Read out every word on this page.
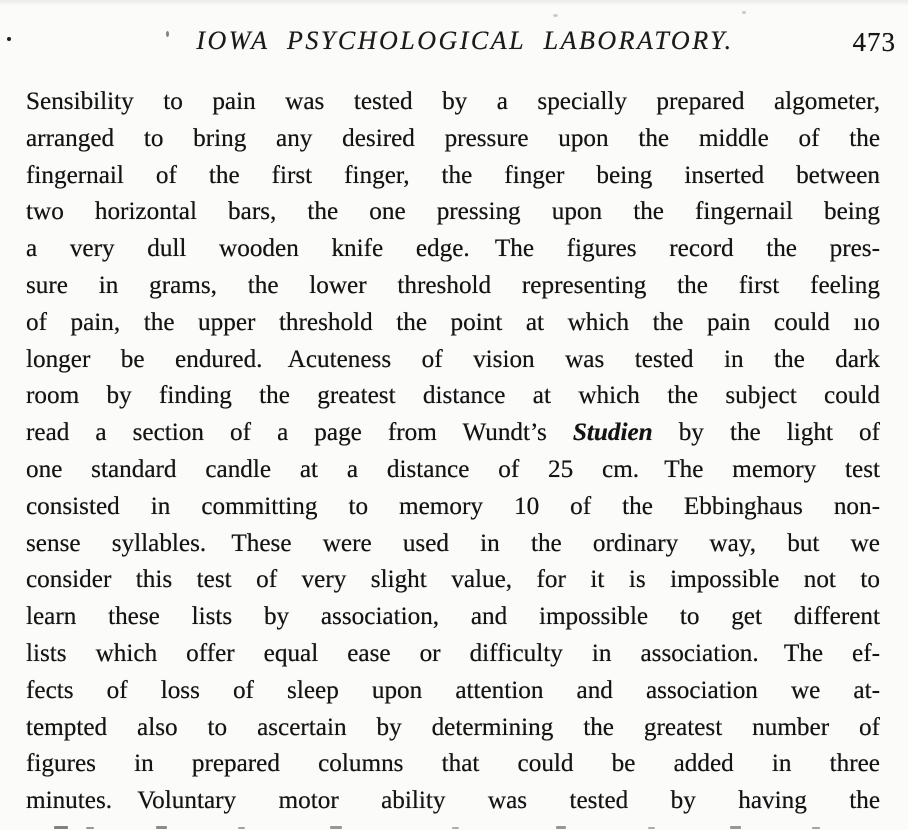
IOWA PSYCHOLOGICAL LABORATORY.	473
Sensibility to pain was tested by a specially prepared algometer,
arranged to bring any desired pressure upon the middle of the
fingernail of the first finger, the finger being inserted between
two horizontal bars, the one pressing upon the fingernail being
a very dull wooden knife edge. The figures record the pres-
sure in grams, the lower threshold representing the first feeling
of pain, the upper threshold the point at which the pain could ııo
longer be endured. Acuteness of vision was tested in the dark
room by finding the greatest distance at which the subject could
read a section of a page from Wundt’s Studien by the light of
one standard candle at a distance of 25 cm. The memory test
consisted in committing to memory 10 of the Ebbinghaus non-
sense syllables. These were used in the ordinary way, but we
consider this test of very slight value, for it is impossible not to
learn these lists by association, and impossible to get different
lists which offer equal ease or difficulty in association. The ef-
fects of loss of sleep upon attention and association we at-
tempted also to ascertain by determining the greatest number of
figures in prepared columns that could be added in three
minutes. Voluntary motor ability was tested by having the
